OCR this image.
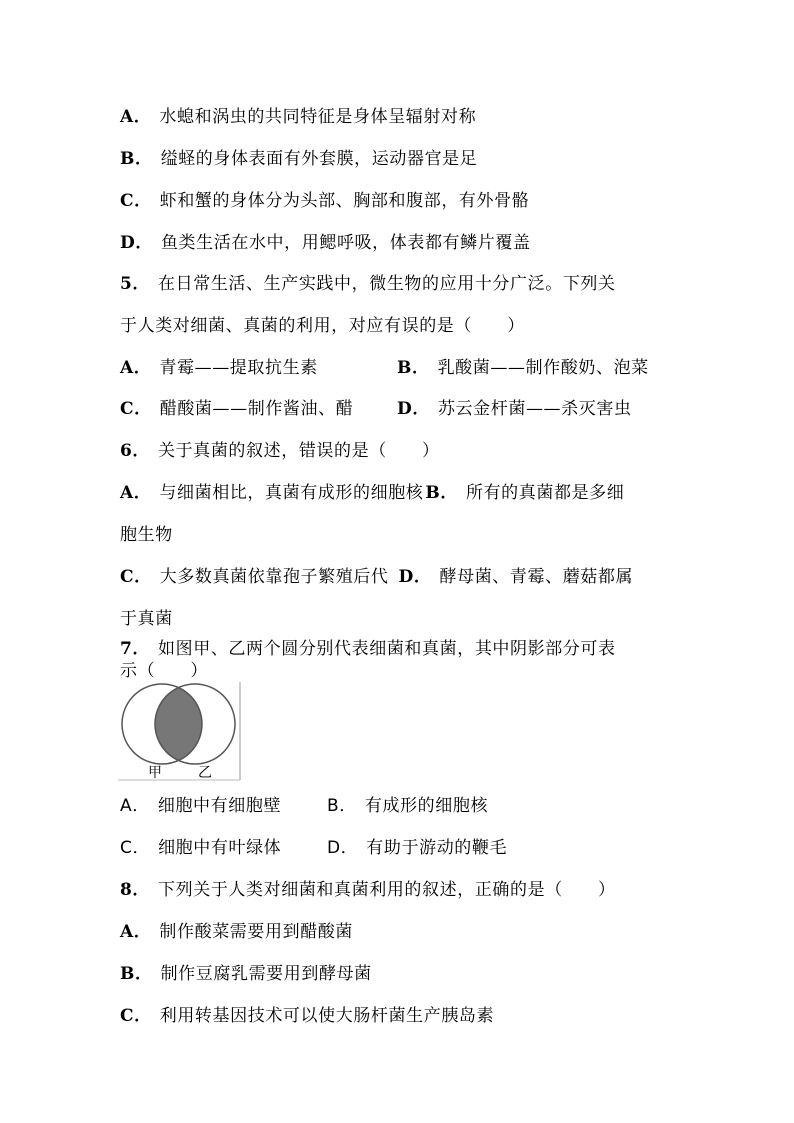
A． 水螅和涡虫的共同特征是身体呈辐射对称
B． 缢蛏的身体表面有外套膜，运动器官是足
C． 虾和蟹的身体分为头部、胸部和腹部，有外骨骼
D． 鱼类生活在水中，用鳃呼吸，体表都有鳞片覆盖
5． 在日常生活、生产实践中，微生物的应用十分广泛。下列关
于人类对细菌、真菌的利用，对应有误的是（　　）
A． 青霉——提取抗生素	B． 乳酸菌——制作酸奶、泡菜
C． 醋酸菌——制作酱油、醋	D． 苏云金杆菌——杀灭害虫
6． 关于真菌的叙述，错误的是（　　）
A． 与细菌相比，真菌有成形的细胞核 B． 所有的真菌都是多细
胞生物
C． 大多数真菌依靠孢子繁殖后代 D． 酵母菌、青霉、蘑菇都属
于真菌
7． 如图甲、乙两个圆分别代表细菌和真菌，其中阴影部分可表
示（　　）
甲	乙
A． 细胞中有细胞壁	B． 有成形的细胞核
C． 细胞中有叶绿体	D． 有助于游动的鞭毛
8． 下列关于人类对细菌和真菌利用的叙述，正确的是（　　）
A． 制作酸菜需要用到醋酸菌
B． 制作豆腐乳需要用到酵母菌
C． 利用转基因技术可以使大肠杆菌生产胰岛素
